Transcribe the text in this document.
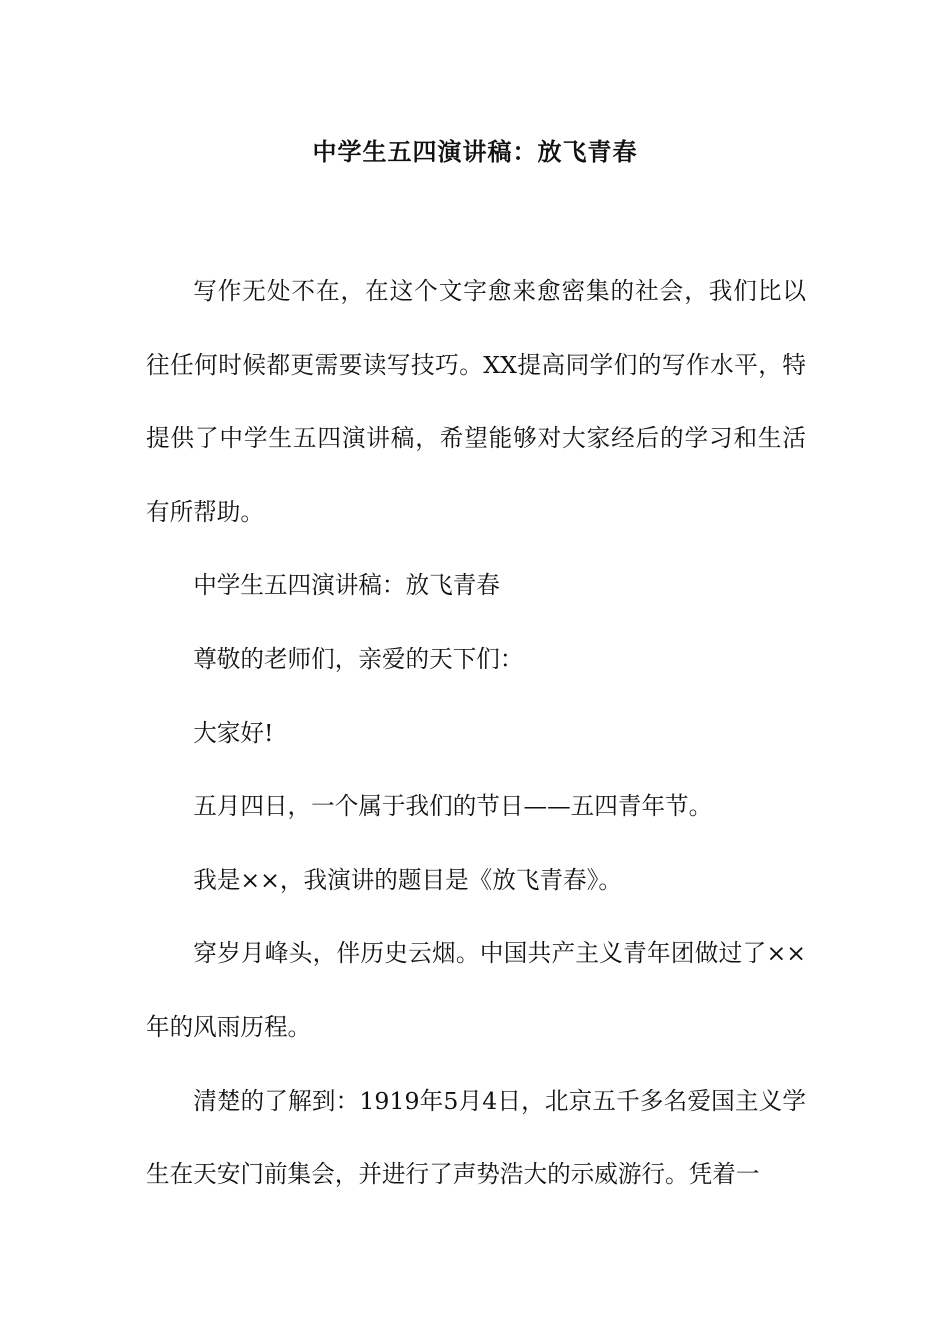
中学生五四演讲稿：放飞青春

写作无处不在，在这个文字愈来愈密集的社会，我们比以往任何时候都更需要读写技巧。XX提高同学们的写作水平，特提供了中学生五四演讲稿，希望能够对大家经后的学习和生活有所帮助。

中学生五四演讲稿：放飞青春

尊敬的老师们，亲爱的天下们：

大家好!

五月四日，一个属于我们的节日——五四青年节。

我是××，我演讲的题目是《放飞青春》。

穿岁月峰头，伴历史云烟。中国共产主义青年团做过了××年的风雨历程。

清楚的了解到：1919年5月4日，北京五千多名爱国主义学生在天安门前集会，并进行了声势浩大的示威游行。凭着一
